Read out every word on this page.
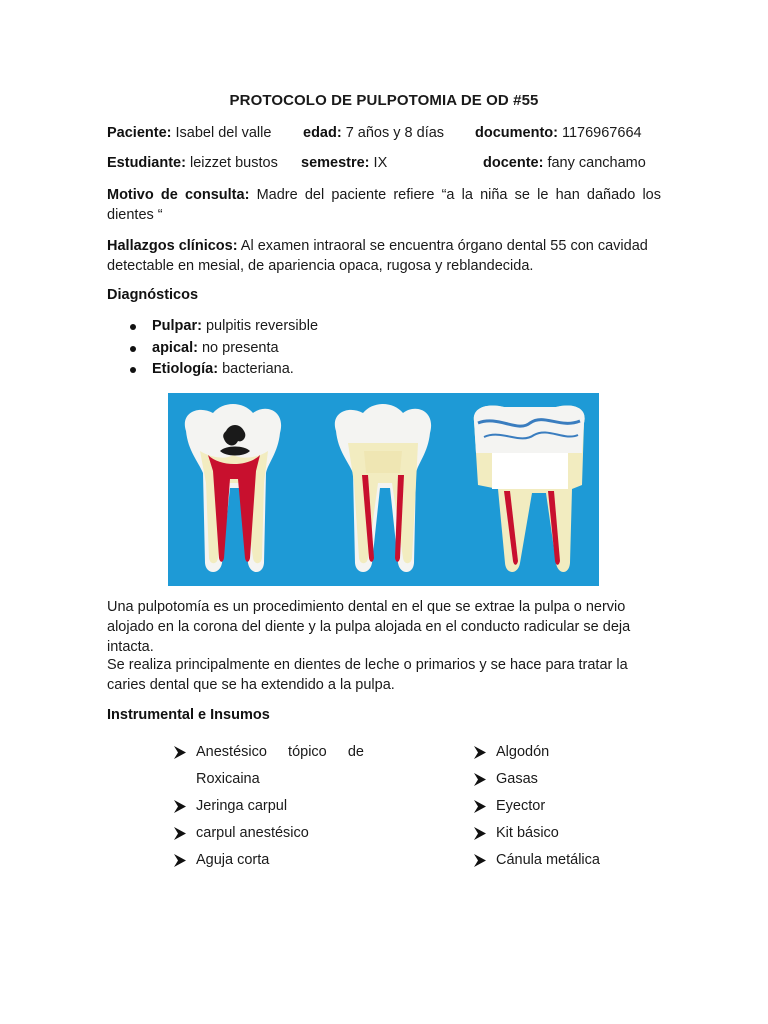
PROTOCOLO DE PULPOTOMIA DE OD #55
Paciente: Isabel del valle edad: 7 años y 8 días documento: 1176967664
Estudiante: leizzet bustos semestre: IX	docente: fany canchamo
Motivo de consulta: Madre del paciente refiere “a la niña se le han dañado los dientes “
Hallazgos clínicos: Al examen intraoral se encuentra órgano dental 55 con cavidad detectable en mesial, de apariencia opaca, rugosa y reblandecida.
Diagnósticos
Pulpar: pulpitis reversible
apical: no presenta
Etiología: bacteriana.
Una pulpotomía es un procedimiento dental en el que se extrae la pulpa o nervio alojado en la corona del diente y la pulpa alojada en el conducto radicular se deja intacta.
Se realiza principalmente en dientes de leche o primarios y se hace para tratar la caries dental que se ha extendido a la pulpa.
Instrumental e Insumos
Anestésico tópico de
Roxicaina
Jeringa carpul
carpul anestésico
Aguja corta
Algodón
Gasas
Eyector
Kit básico
Cánula metálica
